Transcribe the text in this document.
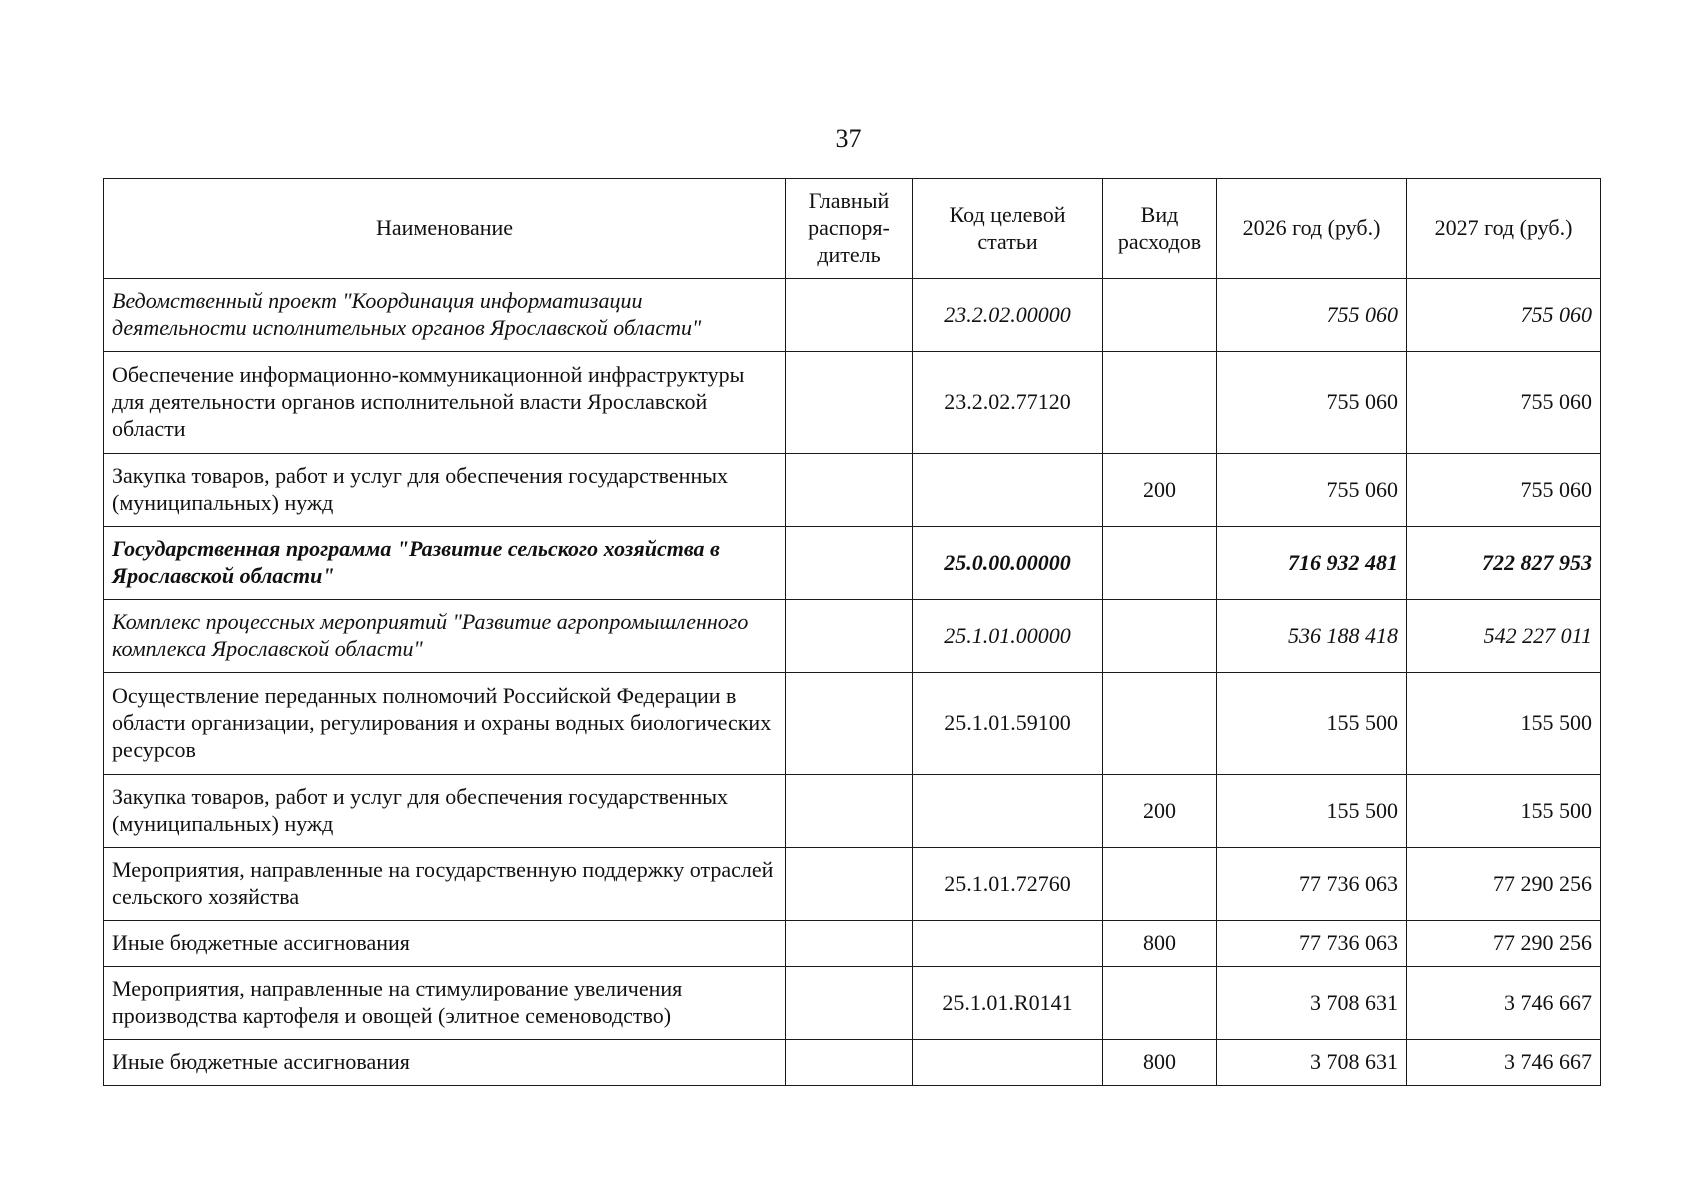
37
Наименование	Главный распоря-дитель	Код целевой статьи	Вид расходов	2026 год (руб.)	2027 год (руб.)
Ведомственный проект "Координация информатизации деятельности исполнительных органов Ярославской области"		23.2.02.00000		755 060	755 060
Обеспечение информационно-коммуникационной инфраструктуры для деятельности органов исполнительной власти Ярославской области		23.2.02.77120		755 060	755 060
Закупка товаров, работ и услуг для обеспечения государственных (муниципальных) нужд			200	755 060	755 060
Государственная программа "Развитие сельского хозяйства в Ярославской области"		25.0.00.00000		716 932 481	722 827 953
Комплекс процессных мероприятий "Развитие агропромышленного комплекса Ярославской области"		25.1.01.00000		536 188 418	542 227 011
Осуществление переданных полномочий Российской Федерации в области организации, регулирования и охраны водных биологических ресурсов		25.1.01.59100		155 500	155 500
Закупка товаров, работ и услуг для обеспечения государственных (муниципальных) нужд			200	155 500	155 500
Мероприятия, направленные на государственную поддержку отраслей сельского хозяйства		25.1.01.72760		77 736 063	77 290 256
Иные бюджетные ассигнования			800	77 736 063	77 290 256
Мероприятия, направленные на стимулирование увеличения производства картофеля и овощей (элитное семеноводство)		25.1.01.R0141		3 708 631	3 746 667
Иные бюджетные ассигнования			800	3 708 631	3 746 667
